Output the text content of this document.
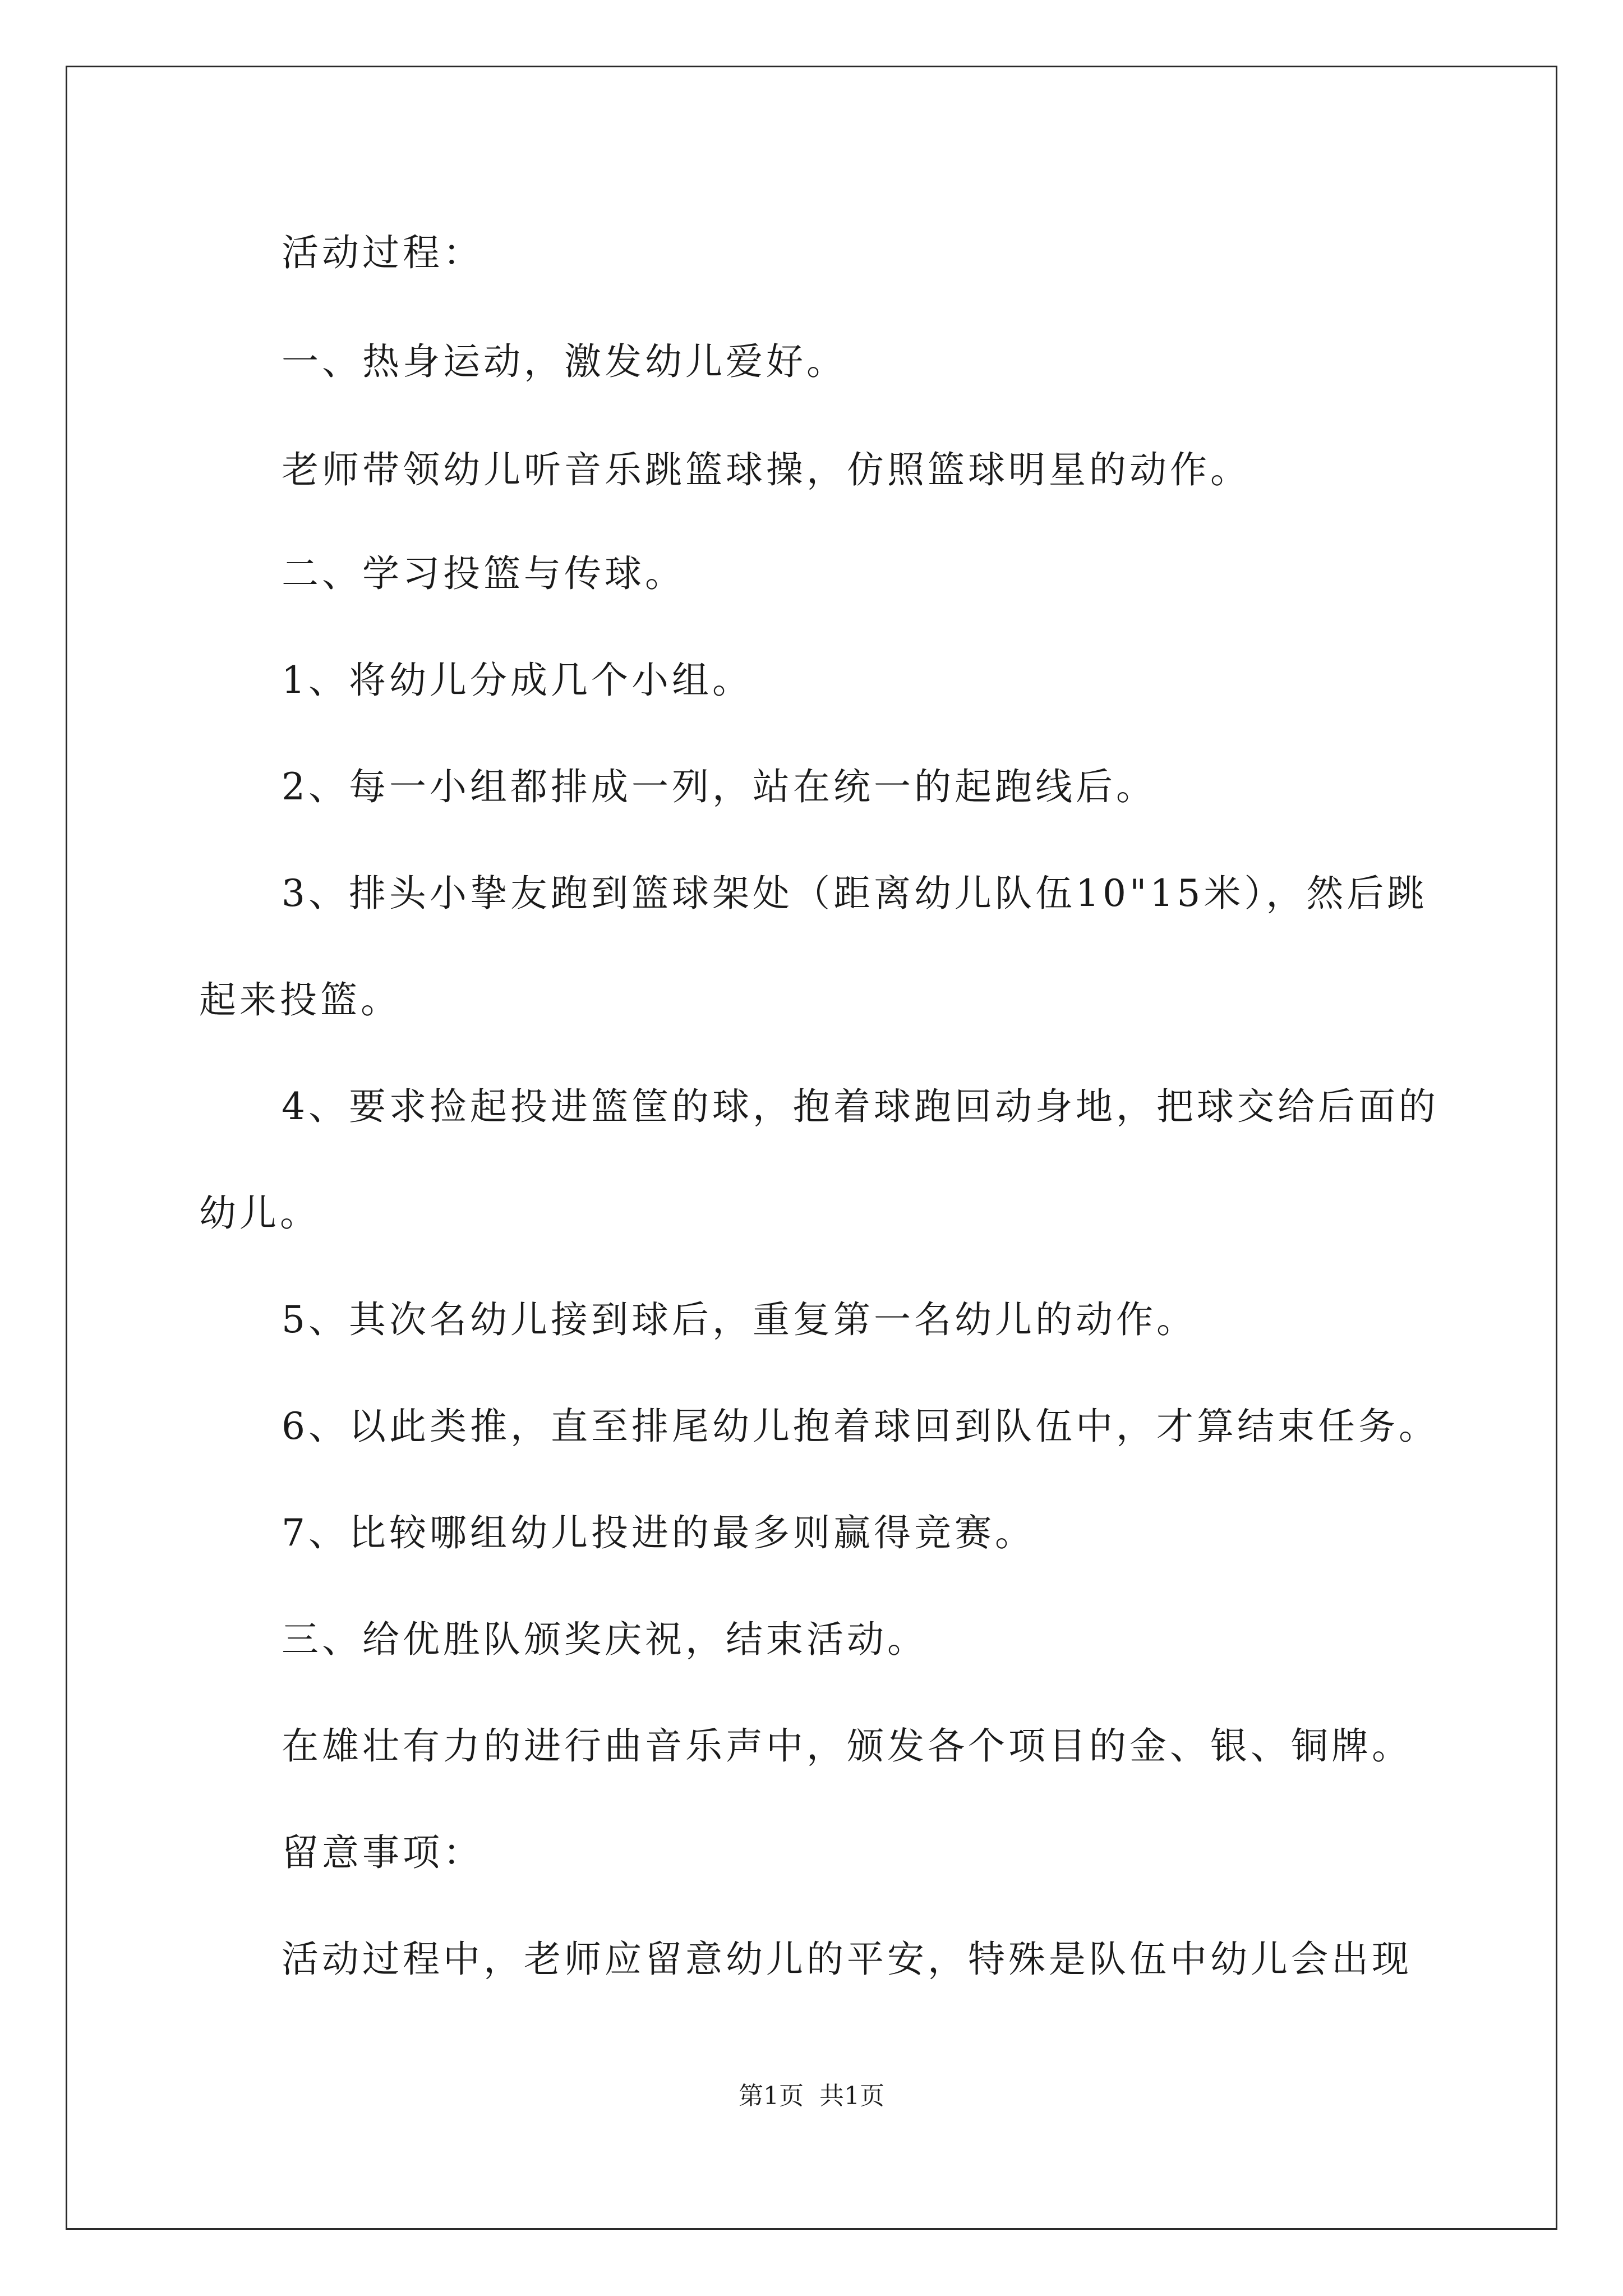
活动过程：
一、热身运动，激发幼儿爱好。
老师带领幼儿听音乐跳篮球操，仿照篮球明星的动作。
二、学习投篮与传球。
1、将幼儿分成几个小组。
2、每一小组都排成一列，站在统一的起跑线后。
3、排头小挚友跑到篮球架处（距离幼儿队伍10"15米），然后跳
起来投篮。
4、要求捡起投进篮筐的球，抱着球跑回动身地，把球交给后面的
幼儿。
5、其次名幼儿接到球后，重复第一名幼儿的动作。
6、以此类推，直至排尾幼儿抱着球回到队伍中，才算结束任务。
7、比较哪组幼儿投进的最多则赢得竞赛。
三、给优胜队颁奖庆祝，结束活动。
在雄壮有力的进行曲音乐声中，颁发各个项目的金、银、铜牌。
留意事项：
活动过程中，老师应留意幼儿的平安，特殊是队伍中幼儿会出现
第1页  共1页
